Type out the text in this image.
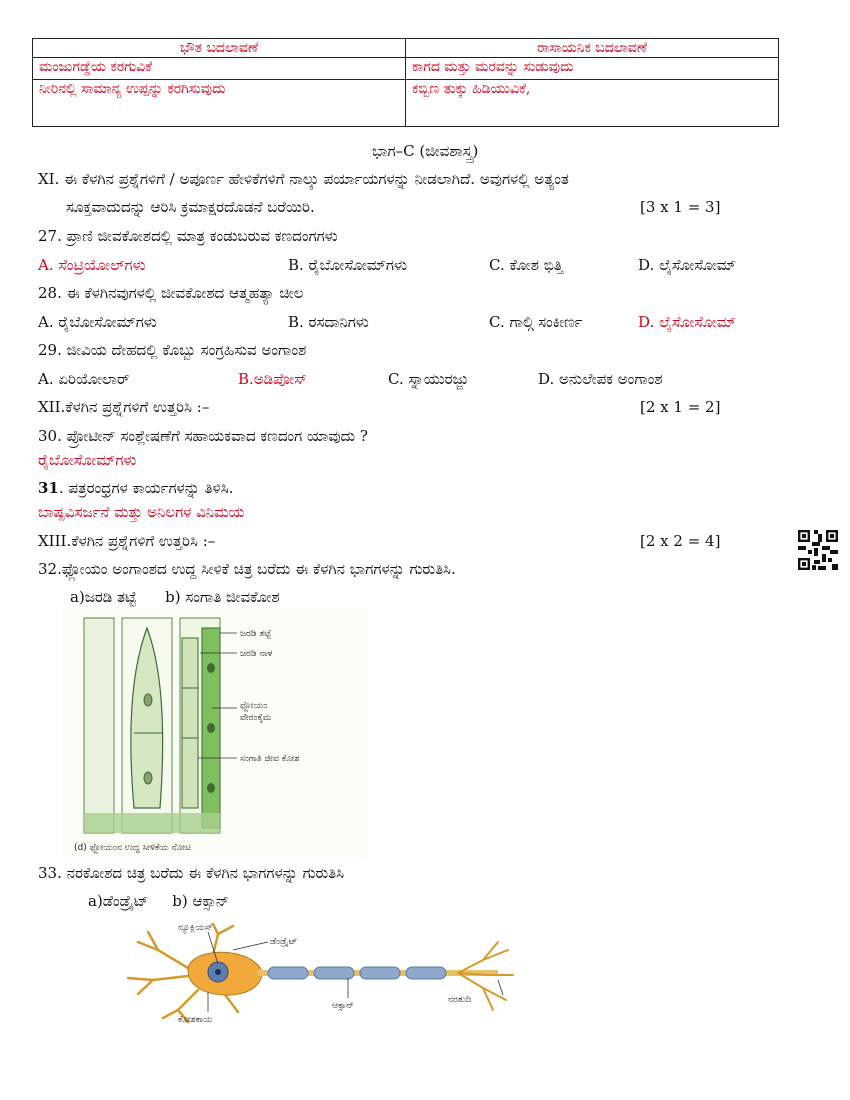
ಭೌತ ಬದಲಾವಣೆ	ರಾಸಾಯನಿಕ ಬದಲಾವಣೆ
ಮಂಜುಗಡ್ಡೆಯ ಕರಗುವಿಕೆ	ಕಾಗದ ಮತ್ತು ಮರವನ್ನು ಸುಡುವುದು
ನೀರಿನಲ್ಲಿ ಸಾಮಾನ್ಯ ಉಪ್ಪನ್ನು ಕರಗಿಸುವುದು	ಕಬ್ಬಿಣ ತುಕ್ಕು ಹಿಡಿಯುವಿಕೆ,
ಭಾಗ–C (ಜೀವಶಾಸ್ತ್ರ)
XI. ಈ ಕೆಳಗಿನ ಪ್ರಶ್ನೆಗಳಿಗೆ / ಅಪೂರ್ಣ ಹೇಳಿಕೆಗಳಿಗೆ ನಾಲ್ಕು ಪರ್ಯಾಯಗಳನ್ನು ನೀಡಲಾಗಿದೆ. ಅವುಗಳಲ್ಲಿ ಅತ್ಯಂತ
ಸೂಕ್ತವಾದುದನ್ನು ಆರಿಸಿ ಕ್ರಮಾಕ್ಷರದೊಡನೆ ಬರೆಯಿರಿ.	[3 x 1 = 3]
27. ಪ್ರಾಣಿ ಜೀವಕೋಶದಲ್ಲಿ ಮಾತ್ರ ಕಂಡುಬರುವ ಕಣದಂಗಗಳು
A. ಸೆಂಟ್ರಿಯೋಲ್‌ಗಳು	B. ರೈಬೋಸೋಮ್‌ಗಳು	C. ಕೋಶ ಭಿತ್ತಿ	D. ಲೈಸೋಸೋಮ್
28. ಈ ಕೆಳಗಿನವುಗಳಲ್ಲಿ ಜೀವಕೋಶದ ಆತ್ಮಹತ್ಯಾ ಚೀಲ
A. ರೈಬೋಸೋಮ್‌ಗಳು	B. ರಸದಾನಿಗಳು	C. ಗಾಲ್ಗಿ ಸಂಕೀರ್ಣ	D. ಲೈಸೋಸೋಮ್
29. ಜೀವಿಯ ದೇಹದಲ್ಲಿ ಕೊಬ್ಬು ಸಂಗ್ರಹಿಸುವ ಅಂಗಾಂಶ
A. ಏರಿಯೋಲಾರ್	B.ಅಡಿಪೋಸ್	C. ಸ್ನಾಯುರಜ್ಜು	D. ಅನುಲೇಪಕ ಅಂಗಾಂಶ
XII.ಕೆಳಗಿನ ಪ್ರಶ್ನೆಗಳಿಗೆ ಉತ್ತರಿಸಿ :–	[2 x 1 = 2]
30. ಪ್ರೋಟೀನ್ ಸಂಶ್ಲೇಷಣೆಗೆ ಸಹಾಯಕವಾದ ಕಣದಂಗ ಯಾವುದು ?
ರೈಬೋಸೋಮ್‌ಗಳು
31. ಪತ್ರರಂಧ್ರಗಳ ಕಾರ್ಯಗಳನ್ನು ತಿಳಿಸಿ.
ಬಾಷ್ಪವಿಸರ್ಜನೆ ಮತ್ತು ಅನಿಲಗಳ ವಿನಿಮಯ
XIII.ಕೆಳಗಿನ ಪ್ರಶ್ನೆಗಳಿಗೆ ಉತ್ತರಿಸಿ :–	[2 x 2 = 4]
32.ಫ್ಲೋಯಂ ಅಂಗಾಂಶದ ಉದ್ದ ಸೀಳಿಕೆ ಚಿತ್ರ ಬರೆದು ಈ ಕೆಳಗಿನ ಭಾಗಗಳನ್ನು ಗುರುತಿಸಿ.
a)ಜರಡಿ ತಟ್ಟೆ      b) ಸಂಗಾತಿ ಜೀವಕೋಶ
ಜರಡಿ ತಟ್ಟೆ
ಜರಡಿ ನಾಳ
ಫ್ಲೋಯಂ
ಪೇರಂಕೈಮ
ಸಂಗಾತಿ ಜೀವ ಕೋಶ
(d) ಫ್ಲೋಯಂನ ಉದ್ದ ಸೀಳಿಕೆಯ ನೋಟ
33. ನರಕೋಶದ ಚಿತ್ರ ಬರೆದು ಈ ಕೆಳಗಿನ ಭಾಗಗಳನ್ನು ಗುರುತಿಸಿ
a)ಡೆಂಡ್ರೈಟ್     b) ಆಕ್ಸಾನ್
ನ್ಯೂಕ್ಲಿಯಸ್
ಡೆಂಡ್ರೈಟ್
ಆಕ್ಸಾನ್
ನರತುದಿ
ಕೋಶಕಾಯ
